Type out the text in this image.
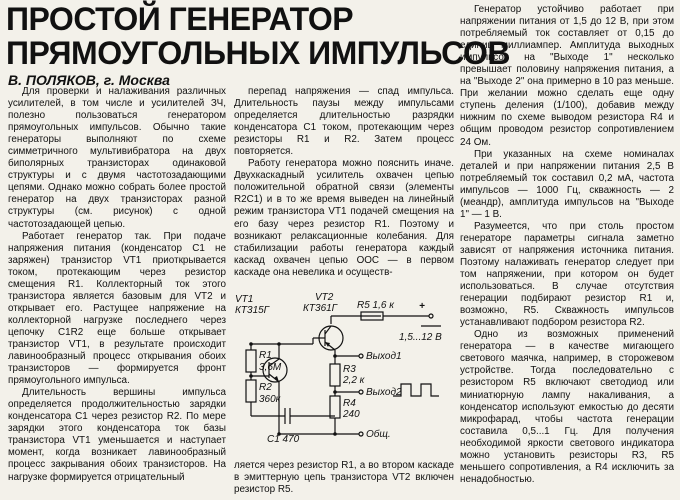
ПРОСТОЙ ГЕНЕРАТОР
ПРЯМОУГОЛЬНЫХ ИМПУЛЬСОВ
В. ПОЛЯКОВ, г. Москва

Для проверки и налаживания различных усилителей, в том числе и усилителей ЗЧ, полезно пользоваться генератором прямоугольных импульсов. Обычно такие генераторы выполняют по схеме симметричного мультивибратора на двух биполярных транзисторах одинаковой структуры и с двумя частотозадающими цепями. Однако можно собрать более простой генератор на двух транзисторах разной структуры (см. рисунок) с одной частотозадающей цепью.

Работает генератор так. При подаче напряжения питания (конденсатор С1 не заряжен) транзистор VT1 приоткрывается током, протекающим через резистор смещения R1. Коллекторный ток этого транзистора является базовым для VT2 и открывает его. Растущее напряжение на коллекторной нагрузке последнего через цепочку C1R2 еще больше открывает транзистор VT1, в результате происходит лавинообразный процесс открывания обоих транзисторов — формируется фронт прямоугольного импульса.

Длительность вершины импульса определяется продолжительностью зарядки конденсатора С1 через резистор R2. По мере зарядки этого конденсатора ток базы транзистора VT1 уменьшается и наступает момент, когда возникает лавинообразный процесс закрывания обоих транзисторов. На нагрузке формируется отрицательный

перепад напряжения — спад импульса. Длительность паузы между импульсами определяется длительностью разрядки конденсатора С1 током, протекающим через резисторы R1 и R2. Затем процесс повторяется.

Работу генератора можно пояснить иначе. Двухкаскадный усилитель охвачен цепью положительной обратной связи (элементы R2C1) и в то же время выведен на линейный режим транзистора VT1 подачей смещения на его базу через резистор R1. Поэтому и возникают релаксационные колебания. Для стабилизации работы генератора каждый каскад охвачен цепью ООС — в первом каскаде она невелика и осуществ-

VT1
КТ315Г
VT2
КТ361Г R5 1,6 к	+
1,5...12 В
R1
3,6М
R2
360к
R3
2,2 к
R4
240
С1 470
Выход1
Выход2
Общ.

ляется через резистор R1, а во втором каскаде в эмиттерную цепь транзистора VT2 включен резистор R5.

Генератор устойчиво работает при напряжении питания от 1,5 до 12 В, при этом потребляемый ток составляет от 0,15 до единиц миллиампер. Амплитуда выходных импульсов на "Выходе 1" несколько превышает половину напряжения питания, а на "Выходе 2" она примерно в 10 раз меньше. При желании можно сделать еще одну ступень деления (1/100), добавив между нижним по схеме выводом резистора R4 и общим проводом резистор сопротивлением 24 Ом.

При указанных на схеме номиналах деталей и при напряжении питания 2,5 В потребляемый ток составил 0,2 мА, частота импульсов — 1000 Гц, скважность — 2 (меандр), амплитуда импульсов на "Выходе 1" — 1 В.

Разумеется, что при столь простом генераторе параметры сигнала заметно зависят от напряжения источника питания. Поэтому налаживать генератор следует при том напряжении, при котором он будет использоваться. В случае отсутствия генерации подбирают резистор R1 и, возможно, R5. Скважность импульсов устанавливают подбором резистора R2.

Одно из возможных применений генератора — в качестве мигающего светового маячка, например, в сторожевом устройстве. Тогда последовательно с резистором R5 включают светодиод или миниатюрную лампу накаливания, а конденсатор используют емкостью до десяти микрофарад, чтобы частота генерации составила 0,5...1 Гц. Для получения необходимой яркости светового индикатора можно установить резисторы R3, R5 меньшего сопротивления, а R4 исключить за ненадобностью.
